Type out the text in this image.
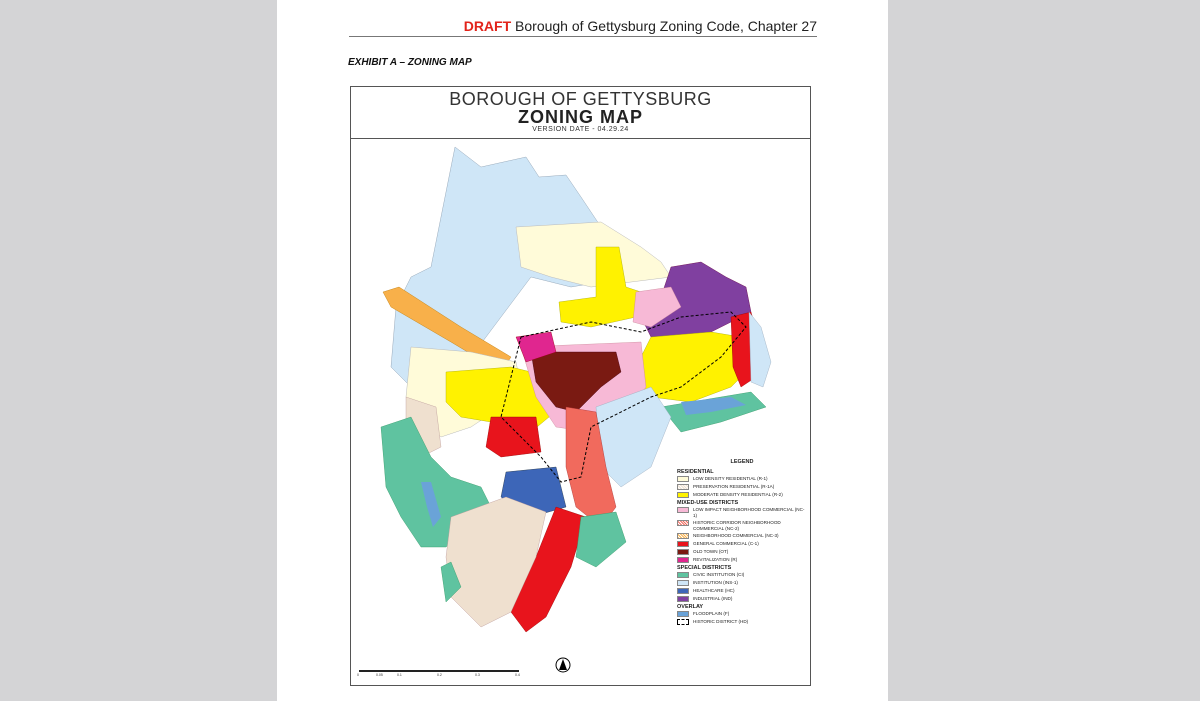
DRAFT Borough of Gettysburg Zoning Code, Chapter 27
EXHIBIT A – ZONING MAP
BOROUGH OF GETTYSBURG
ZONING MAP
VERSION DATE - 04.29.24
0	0.05	0.1	0.2	0.3	0.4
LEGEND
RESIDENTIAL
LOW DENSITY RESIDENTIAL (R-1)
PRESERVATION RESIDENTIAL (R-1A)
MODERATE DENSITY RESIDENTIAL (R-2)
MIXED-USE DISTRICTS
LOW IMPACT NEIGHBORHOOD COMMERCIAL (NC-1)
HISTORIC CORRIDOR NEIGHBORHOOD COMMERCIAL (NC-2)
NEIGHBORHOOD COMMERCIAL (NC-3)
GENERAL COMMERCIAL (C-1)
OLD TOWN (OT)
REVITALIZATION (R)
SPECIAL DISTRICTS
CIVIC INSTITUTION (CI)
INSTITUTION (INS-1)
HEALTHCARE (HC)
INDUSTRIAL (IND)
OVERLAY
FLOODPLAIN (F)
HISTORIC DISTRICT (HD)
